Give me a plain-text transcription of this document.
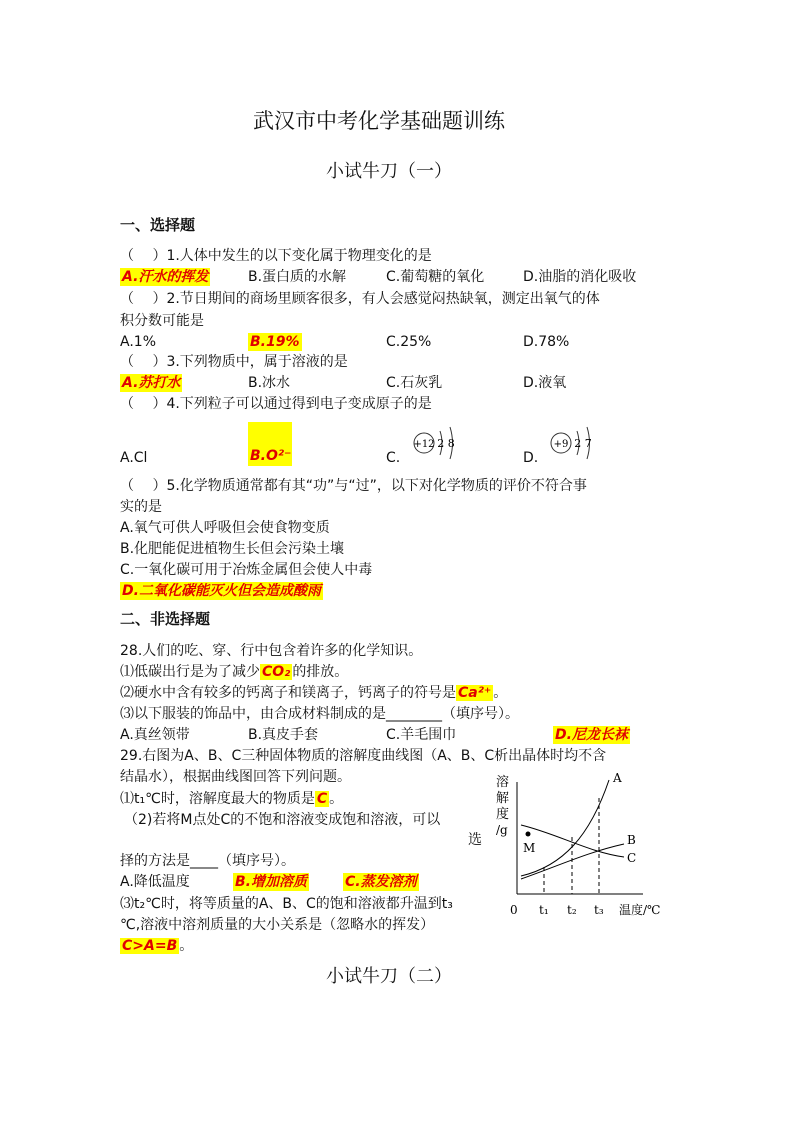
武汉市中考化学基础题训练
小试牛刀（一）
一、选择题
（　 ）1.人体中发生的以下变化属于物理变化的是
A.汗水的挥发	B.蛋白质的水解	C.葡萄糖的氧化	D.油脂的消化吸收
（　 ）2.节日期间的商场里顾客很多，有人会感觉闷热缺氧，测定出氧气的体
积分数可能是
A.1%	B.19%	C.25%	D.78%
（　 ）3.下列物质中，属于溶液的是
A.苏打水	B.冰水	C.石灰乳	D.液氧
（　 ）4.下列粒子可以通过得到电子变成原子的是
A.Cl	B.O²⁻	C.
+12 2 8
D.
+9 2 7
（　 ）5.化学物质通常都有其“功”与“过”，以下对化学物质的评价不符合事
实的是
A.氧气可供人呼吸但会使食物变质
B.化肥能促进植物生长但会污染土壤
C.一氧化碳可用于冶炼金属但会使人中毒
D.二氧化碳能灭火但会造成酸雨
二、非选择题
28.人们的吃、穿、行中包含着许多的化学知识。
⑴低碳出行是为了减少 CO₂ 的排放。
⑵硬水中含有较多的钙离子和镁离子，钙离子的符号是 Ca²⁺ 。
⑶以下服装的饰品中，由合成材料制成的是________（填序号）。
A.真丝领带	B.真皮手套	C.羊毛围巾	D.尼龙长袜
29.右图为A、B、C三种固体物质的溶解度曲线图（A、B、C析出晶体时均不含
结晶水），根据曲线图回答下列问题。
⑴t₁℃时，溶解度最大的物质是 C 。
（2)若将M点处C的不饱和溶液变成饱和溶液，可以
选
择的方法是____（填序号）。
A.降低温度	B.增加溶质	C.蒸发溶剂
⑶t₂℃时，将等质量的A、B、C的饱和溶液都升温到t₃
℃,溶液中溶剂质量的大小关系是（忽略水的挥发）
C>A=B 。
溶
解
度
/g
M
A
B
C
0 t₁ t₂ t₃ 温度/℃
小试牛刀（二）
